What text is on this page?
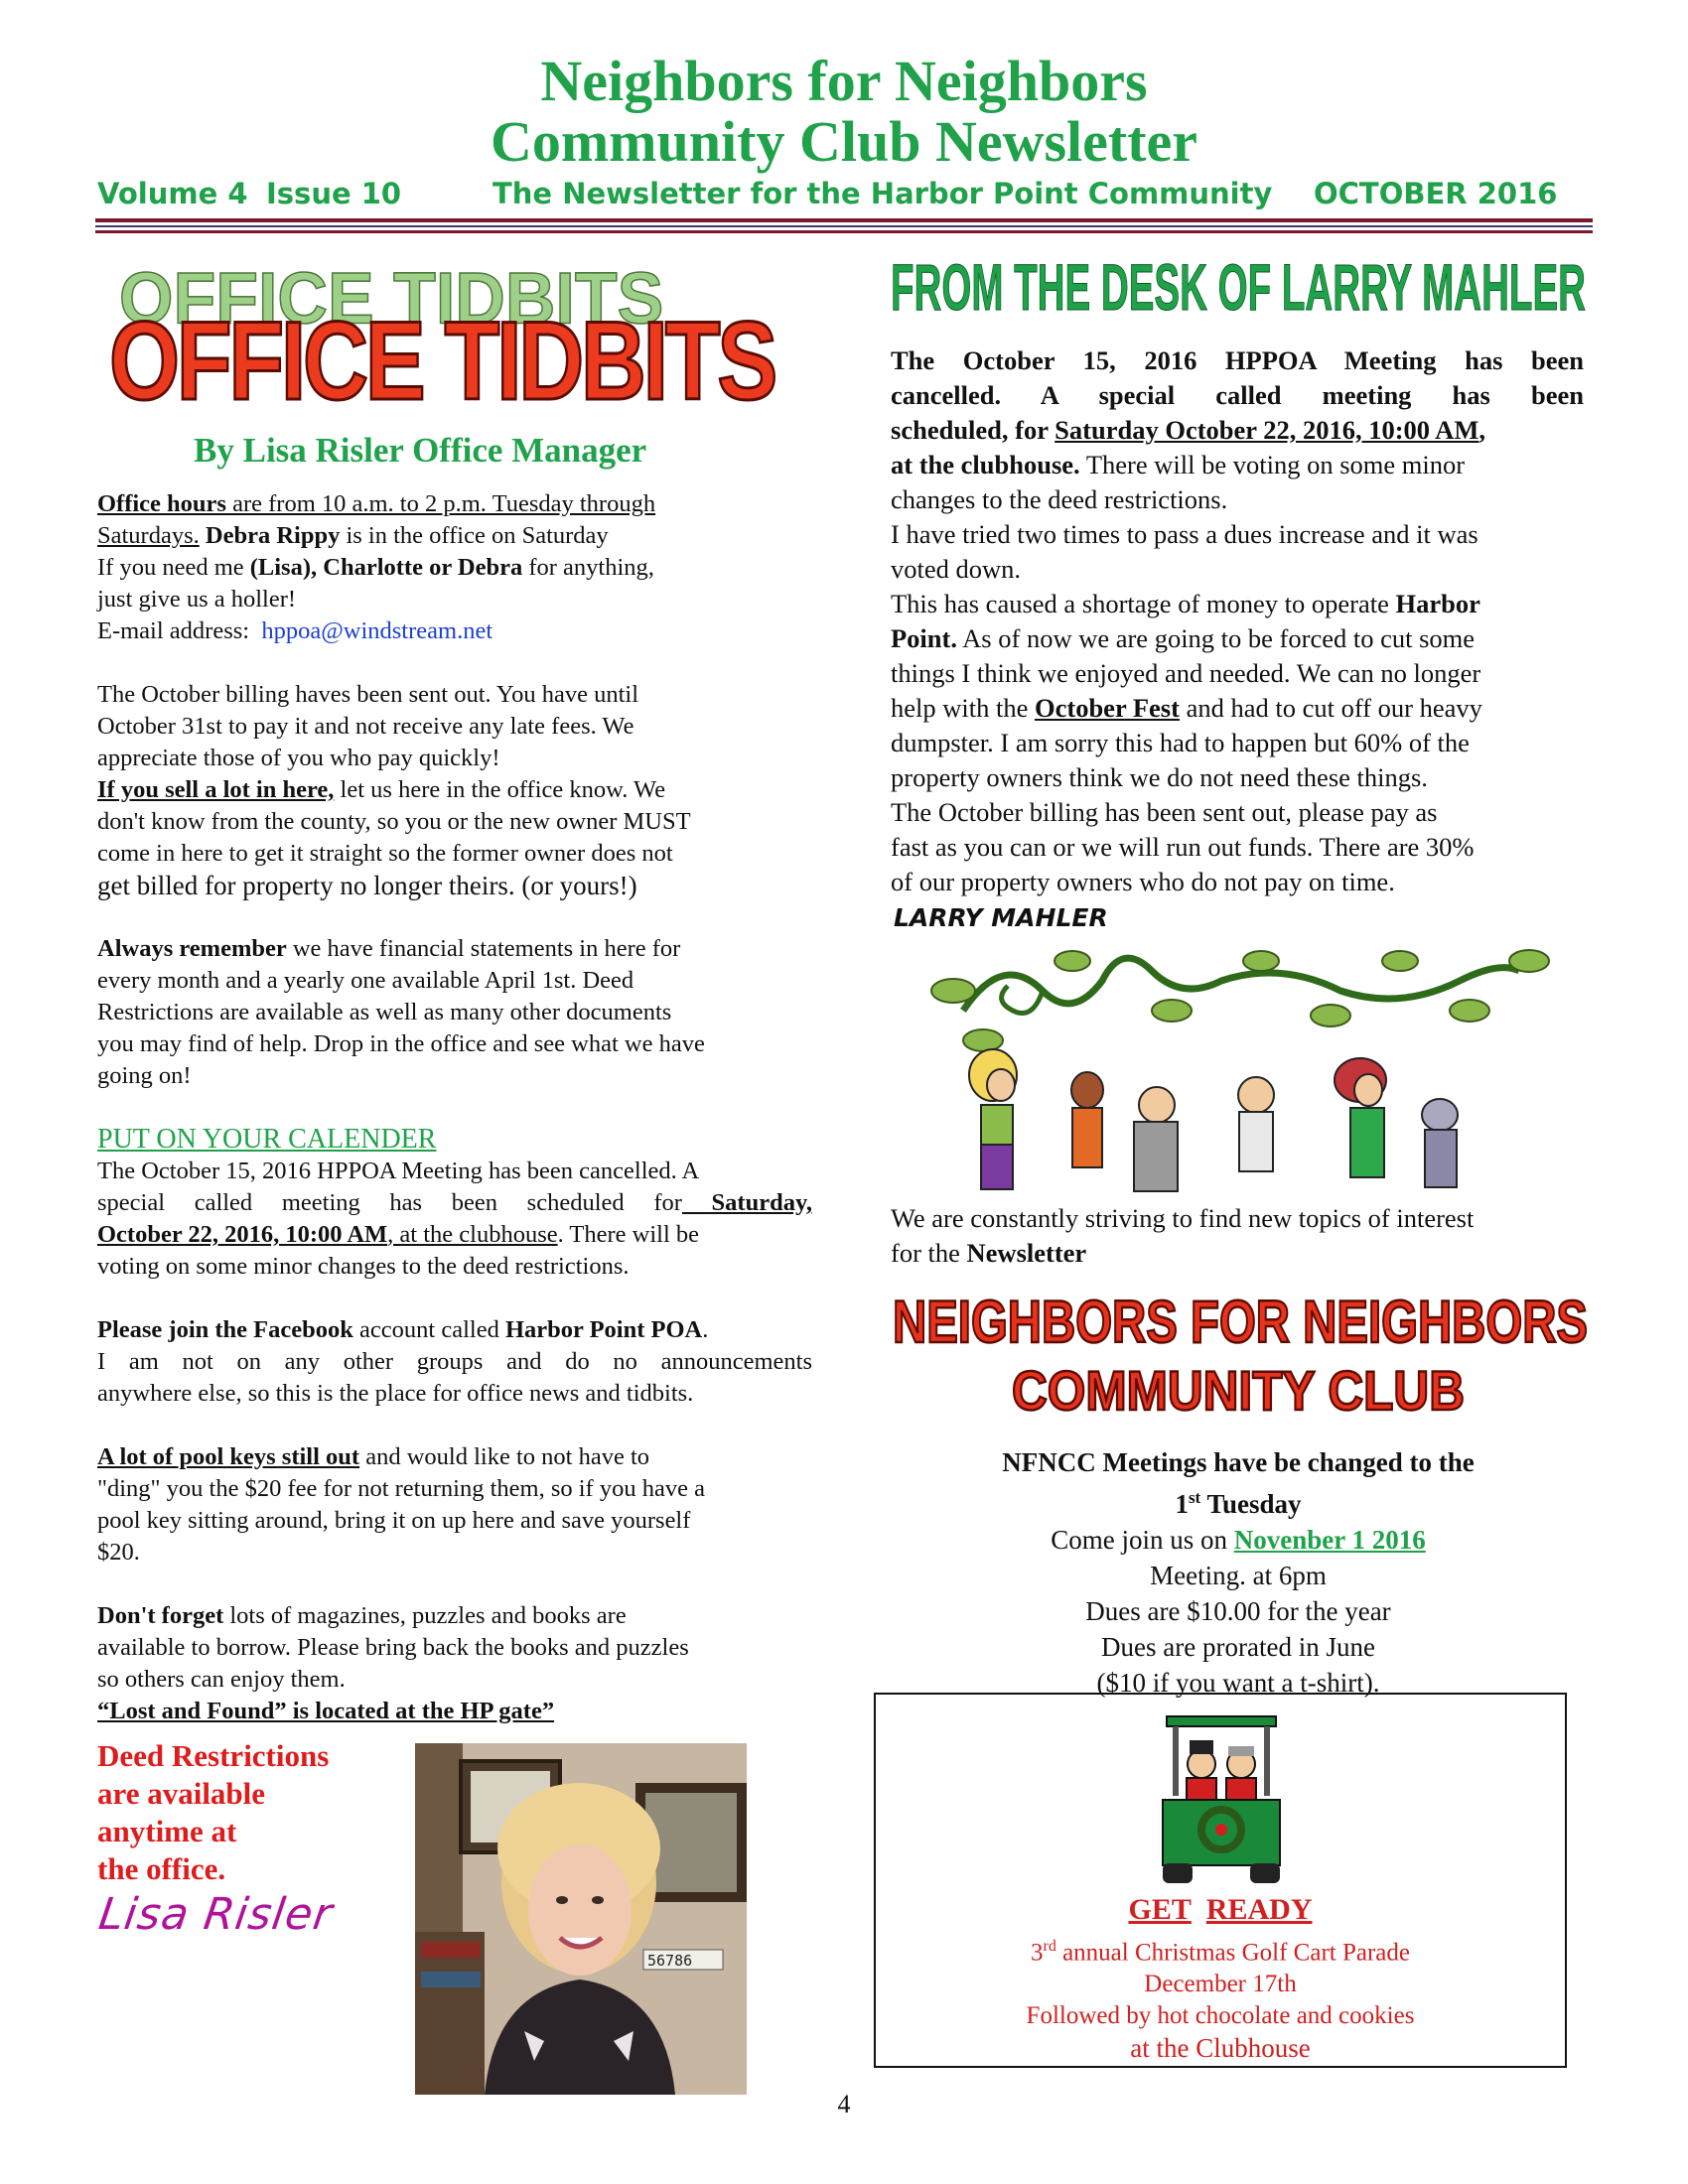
Neighbors for Neighbors
Community Club Newsletter
Volume 4 Issue 10	The Newsletter for the Harbor Point Community OCTOBER 2016
OFFICE TIDBITS
OFFICE TIDBITS
By Lisa Risler Office Manager

Office hours are from 10 a.m. to 2 p.m. Tuesday through

Saturdays. Debra Rippy is in the office on Saturday

If you need me (Lisa), Charlotte or Debra for anything,

just give us a holler!

E-mail address: hppoa@windstream.net

The October billing haves been sent out. You have until

October 31st to pay it and not receive any late fees. We

appreciate those of you who pay quickly!

If you sell a lot in here, let us here in the office know. We

don't know from the county, so you or the new owner MUST

come in here to get it straight so the former owner does not

get billed for property no longer theirs. (or yours!)

Always remember we have financial statements in here for

every month and a yearly one available April 1st. Deed

Restrictions are available as well as many other documents

you may find of help. Drop in the office and see what we have

going on!

PUT ON YOUR CALENDER

The October 15, 2016 HPPOA Meeting has been cancelled. A

special called meeting has been scheduled for Saturday,

October 22, 2016, 10:00 AM, at the clubhouse. There will be

voting on some minor changes to the deed restrictions.

Please join the Facebook account called Harbor Point POA.

I am not on any other groups and do no announcements

anywhere else, so this is the place for office news and tidbits.

A lot of pool keys still out and would like to not have to

"ding" you the $20 fee for not returning them, so if you have a

pool key sitting around, bring it on up here and save yourself

$20.

Don't forget lots of magazines, puzzles and books are

available to borrow. Please bring back the books and puzzles

so others can enjoy them.

“Lost and Found” is located at the HP gate”

Deed Restrictions
are available
anytime at
the office.
Lisa Risler
56786
FROM THE DESK OF LARRY MAHLER

The October 15, 2016 HPPOA Meeting has been

cancelled. A special called meeting has been

scheduled, for Saturday October 22, 2016, 10:00 AM,

at the clubhouse. There will be voting on some minor

changes to the deed restrictions.

I have tried two times to pass a dues increase and it was

voted down.

This has caused a shortage of money to operate Harbor

Point. As of now we are going to be forced to cut some

things I think we enjoyed and needed. We can no longer

help with the October Fest and had to cut off our heavy

dumpster. I am sorry this had to happen but 60% of the

property owners think we do not need these things.

The October billing has been sent out, please pay as

fast as you can or we will run out funds. There are 30%

of our property owners who do not pay on time.

LARRY MAHLER

We are constantly striving to find new topics of interest

for the Newsletter

NEIGHBORS FOR NEIGHBORS
COMMUNITY CLUB
NFNCC Meetings have be changed to the
1st Tuesday
Come join us on Novenber 1 2016
Meeting. at 6pm
Dues are $10.00 for the year
Dues are prorated in June
($10 if you want a t-shirt).
GET READY
3rd annual Christmas Golf Cart Parade
December 17th
Followed by hot chocolate and cookies
at the Clubhouse
4
